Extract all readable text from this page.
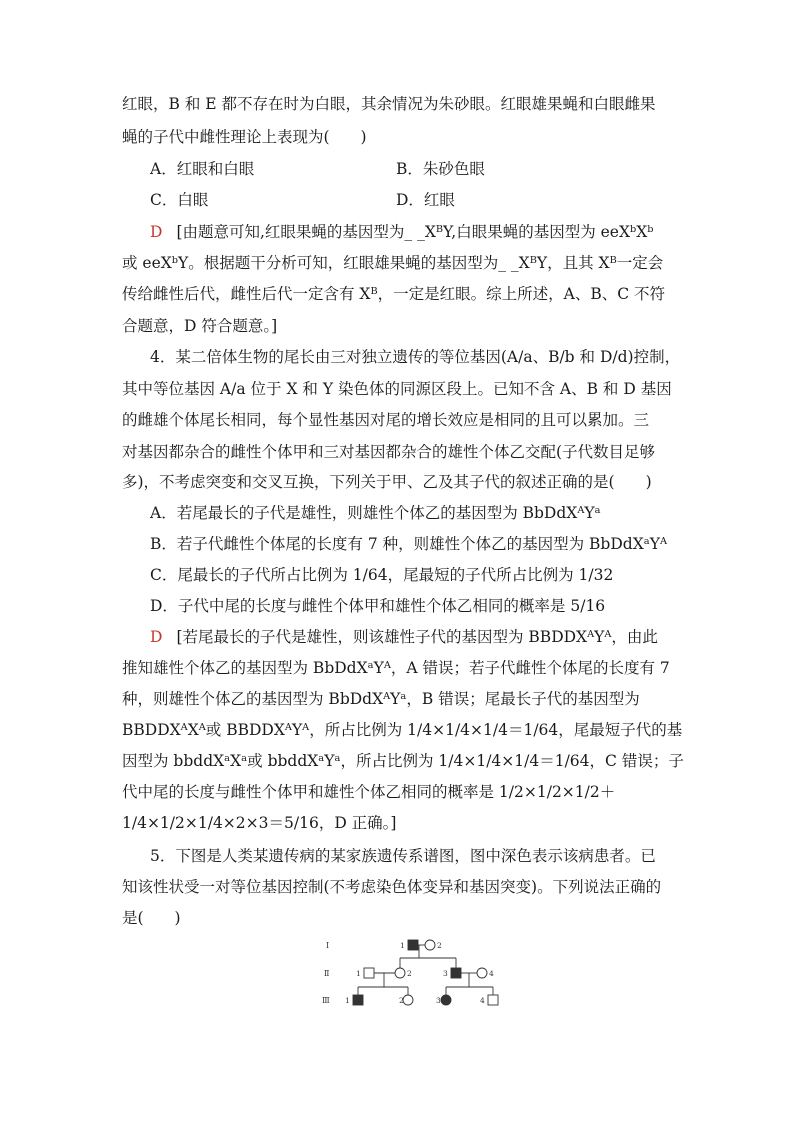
红眼，B 和 E 都不存在时为白眼，其余情况为朱砂眼。红眼雄果蝇和白眼雌果
蝇的子代中雌性理论上表现为(　　)
A．红眼和白眼	B．朱砂色眼
C．白眼	D．红眼
D [由题意可知,红眼果蝇的基因型为_ _XᴮY,白眼果蝇的基因型为 eeXᵇXᵇ
或 eeXᵇY。根据题干分析可知，红眼雄果蝇的基因型为_ _XᴮY，且其 Xᴮ一定会
传给雌性后代，雌性后代一定含有 Xᴮ，一定是红眼。综上所述，A、B、C 不符
合题意，D 符合题意。]
4．某二倍体生物的尾长由三对独立遗传的等位基因(A/a、B/b 和 D/d)控制，
其中等位基因 A/a 位于 X 和 Y 染色体的同源区段上。已知不含 A、B 和 D 基因
的雌雄个体尾长相同，每个显性基因对尾的增长效应是相同的且可以累加。三
对基因都杂合的雌性个体甲和三对基因都杂合的雄性个体乙交配(子代数目足够
多)，不考虑突变和交叉互换，下列关于甲、乙及其子代的叙述正确的是(　　)
A．若尾最长的子代是雄性，则雄性个体乙的基因型为 BbDdXᴬYᵃ
B．若子代雌性个体尾的长度有 7 种，则雄性个体乙的基因型为 BbDdXᵃYᴬ
C．尾最长的子代所占比例为 1/64，尾最短的子代所占比例为 1/32
D．子代中尾的长度与雌性个体甲和雄性个体乙相同的概率是 5/16
D [若尾最长的子代是雄性，则该雄性子代的基因型为 BBDDXᴬYᴬ，由此
推知雄性个体乙的基因型为 BbDdXᵃYᴬ，A 错误；若子代雌性个体尾的长度有 7
种，则雄性个体乙的基因型为 BbDdXᴬYᵃ，B 错误；尾最长子代的基因型为
BBDDXᴬXᴬ或 BBDDXᴬYᴬ，所占比例为 1/4×1/4×1/4＝1/64，尾最短子代的基
因型为 bbddXᵃXᵃ或 bbddXᵃYᵃ，所占比例为 1/4×1/4×1/4＝1/64，C 错误；子
代中尾的长度与雌性个体甲和雄性个体乙相同的概率是 1/2×1/2×1/2＋
1/4×1/2×1/4×2×3＝5/16，D 正确。]
5．下图是人类某遗传病的某家族遗传系谱图，图中深色表示该病患者。已
知该性状受一对等位基因控制(不考虑染色体变异和基因突变)。下列说法正确的
是(　　)
Ⅰ
Ⅱ
Ⅲ
1	2
1	2	3	4
1	2	3	4
